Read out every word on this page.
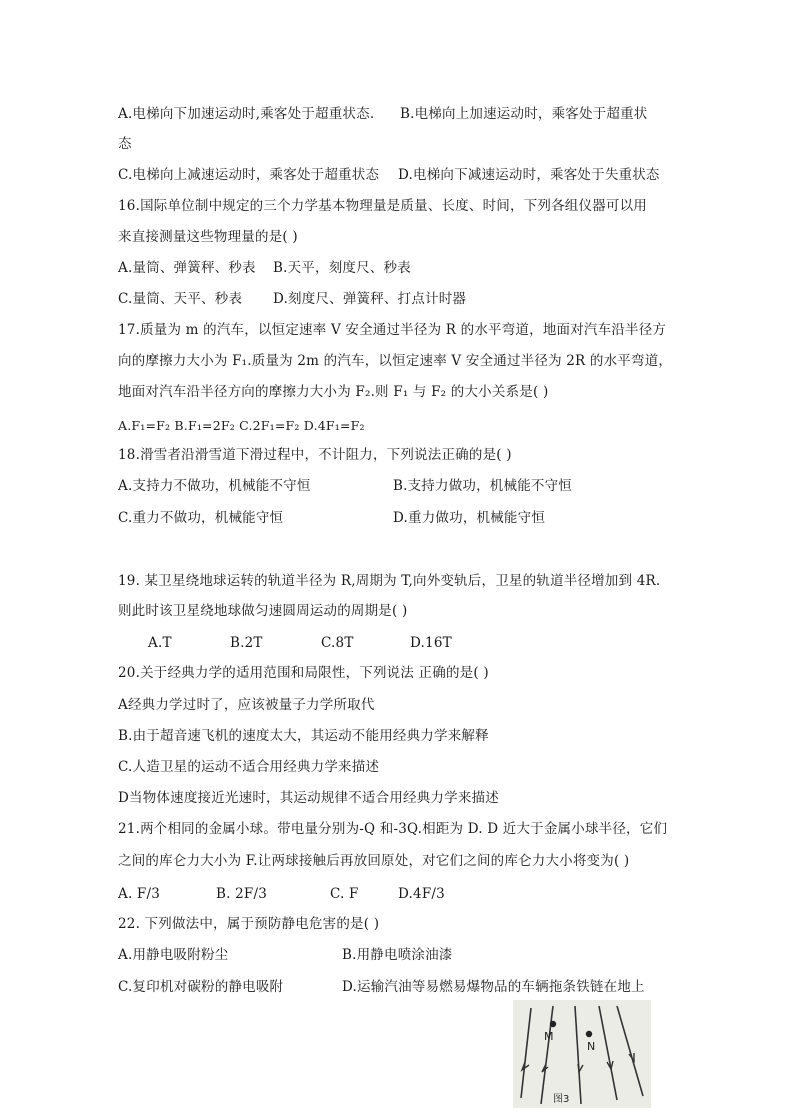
A.电梯向下加速运动时,乘客处于超重状态. B.电梯向上加速运动时，乘客处于超重状
态
C.电梯向上减速运动时，乘客处于超重状态 D.电梯向下减速运动时，乘客处于失重状态
16.国际单位制中规定的三个力学基本物理量是质量、长度、时间，下列各组仪器可以用
来直接测量这些物理量的是( )
A.量筒、弹簧秤、秒表 B.天平，刻度尺、秒表
C.量筒、天平、秒表 D.刻度尺、弹簧秤、打点计时器
17.质量为 m 的汽车，以恒定速率 V 安全通过半径为 R 的水平弯道，地面对汽车沿半径方
向的摩擦力大小为 F₁.质量为 2m 的汽车，以恒定速率 V 安全通过半径为 2R 的水平弯道，
地面对汽车沿半径方向的摩擦力大小为 F₂.则 F₁ 与 F₂ 的大小关系是( )
A.F₁=F₂ B.F₁=2F₂ C.2F₁=F₂ D.4F₁=F₂
18.滑雪者沿滑雪道下滑过程中，不计阻力，下列说法正确的是( )
A.支持力不做功，机械能不守恒	B.支持力做功，机械能不守恒
C.重力不做功，机械能守恒	D.重力做功，机械能守恒
19. 某卫星绕地球运转的轨道半径为 R,周期为 T,向外变轨后，卫星的轨道半径增加到 4R.
则此时该卫星绕地球做匀速圆周运动的周期是( )
A.T	B.2T	C.8T	D.16T
20.关于经典力学的适用范围和局限性，下列说法 正确的是( )
A经典力学过时了，应该被量子力学所取代
B.由于超音速飞机的速度太大，其运动不能用经典力学来解释
C.人造卫星的运动不适合用经典力学来描述
D当物体速度接近光速时，其运动规律不适合用经典力学来描述
21.两个相同的金属小球。带电量分别为-Q 和-3Q.相距为 D. D 近大于金属小球半径，它们
之间的库仑力大小为 F.让两球接触后再放回原处，对它们之间的库仑力大小将变为( )
A. F/3	B. 2F/3	C. F	D.4F/3
22. 下列做法中，属于预防静电危害的是( )
A.用静电吸附粉尘	B.用静电喷涂油漆
C.复印机对碳粉的静电吸附	D.运输汽油等易燃易爆物品的车辆拖条铁链在地上
M
N
图3
